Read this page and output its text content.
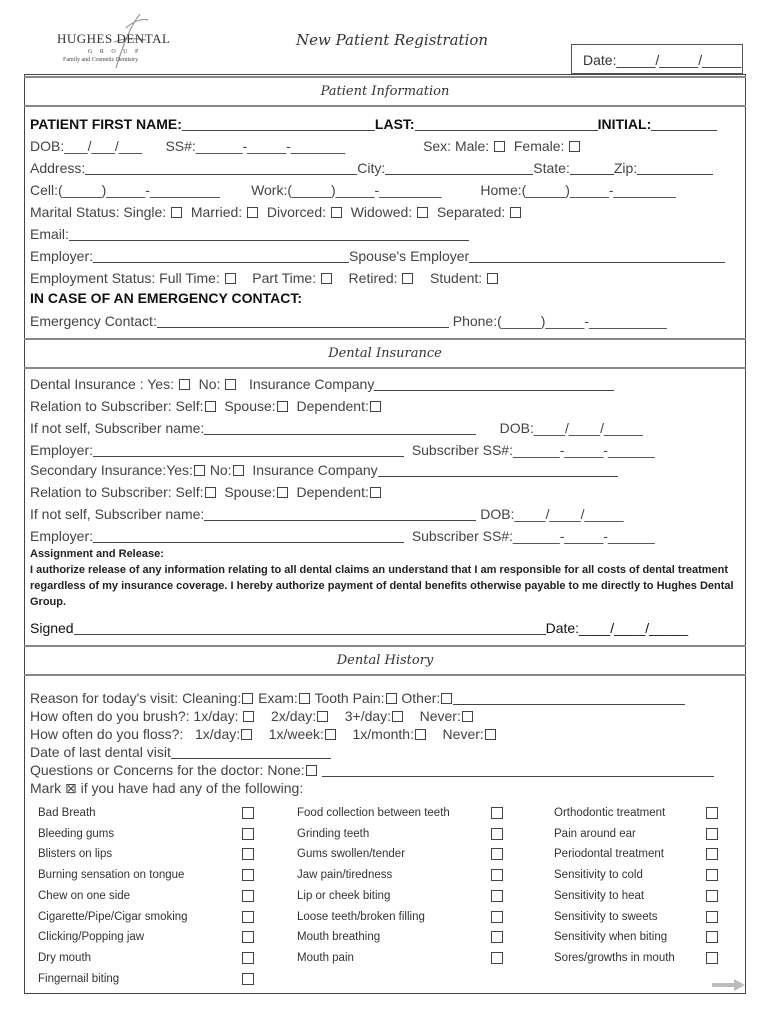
HUGHES DENTAL
G R O U P
Family and Cosmetic Dentistry
New Patient Registration
Date:_____/_____/_____
Patient Information
PATIENT FIRST NAME:	LAST:	INITIAL:
DOB:___/___/___ SS#:______-_____-_______	Sex: Male: Female:
Address:	City:	State:	Zip:
Cell:(_____)_____-_________ Work:(_____)_____-________	Home:(_____)_____-________
Marital Status: Single: Married: Divorced: Widowed: Separated:
Email:
Employer:	Spouse's Employer
Employment Status: Full Time: Part Time: Retired: Student:
IN CASE OF AN EMERGENCY CONTACT:
Emergency Contact:	Phone:(_____)_____-__________
Dental Insurance
Dental Insurance : Yes: No: Insurance Company
Relation to Subscriber: Self: Spouse: Dependent:
If not self, Subscriber name:	DOB:____/____/_____
Employer:	Subscriber SS#:______-_____-______
Secondary Insurance:Yes: No: Insurance Company
Relation to Subscriber: Self: Spouse: Dependent:
If not self, Subscriber name:	DOB:____/____/_____
Employer:	Subscriber SS#:______-_____-______
Assignment and Release:
I authorize release of any information relating to all dental claims an understand that I am responsible for all costs of dental treatment regardless of my insurance coverage. I hereby authorize payment of dental benefits otherwise payable to me directly to Hughes Dental Group.
Signed	Date:____/____/_____
Dental History
Reason for today's visit: Cleaning: Exam: Tooth Pain: Other:
How often do you brush?: 1x/day: 2x/day: 3+/day: Never:
How often do you floss?:   1x/day: 1x/week: 1x/month: Never:
Date of last dental visit
Questions or Concerns for the doctor: None:
Mark ⊠ if you have had any of the following:
Bad Breath
Bleeding gums
Blisters on lips
Burning sensation on tongue
Chew on one side
Cigarette/Pipe/Cigar smoking
Clicking/Popping jaw
Dry mouth
Fingernail biting
Food collection between teeth
Grinding teeth
Gums swollen/tender
Jaw pain/tiredness
Lip or cheek biting
Loose teeth/broken filling
Mouth breathing
Mouth pain
Orthodontic treatment
Pain around ear
Periodontal treatment
Sensitivity to cold
Sensitivity to heat
Sensitivity to sweets
Sensitivity when biting
Sores/growths in mouth
